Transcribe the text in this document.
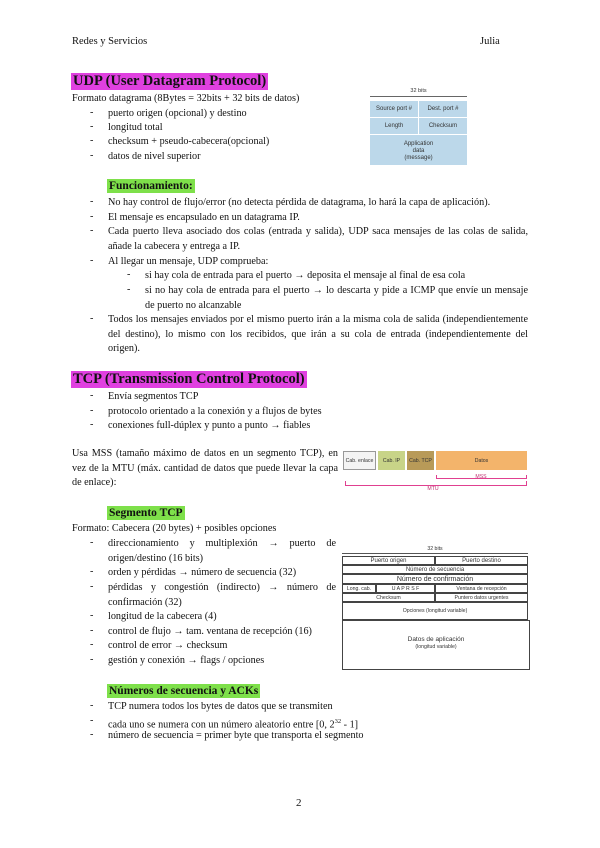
Redes y Servicios	Julia
UDP (User Datagram Protocol)
Formato datagrama (8Bytes = 32bits + 32 bits de datos)
- puerto origen (opcional) y destino
- longitud total
- checksum + pseudo-cabecera(opcional)
- datos de nivel superior
32 bits
Source port #	Dest. port #
Length	Checksum
Application
data
(message)
Funcionamiento:
- No hay control de flujo/error (no detecta pérdida de datagrama, lo hará la capa de aplicación).
- El mensaje es encapsulado en un datagrama IP.
- Cada puerto lleva asociado dos colas (entrada y salida), UDP saca mensajes de las colas de salida, añade la cabecera y entrega a IP.
- Al llegar un mensaje, UDP comprueba:
- si hay cola de entrada para el puerto → deposita el mensaje al final de esa cola
- si no hay cola de entrada para el puerto → lo descarta y pide a ICMP que envíe un mensaje de puerto no alcanzable
- Todos los mensajes enviados por el mismo puerto irán a la misma cola de salida (independientemente del destino), lo mismo con los recibidos, que irán a su cola de entrada (independientemente del origen).
TCP (Transmission Control Protocol)
- Envía segmentos TCP
- protocolo orientado a la conexión y a flujos de bytes
- conexiones full-dúplex y punto a punto → fiables
Usa MSS (tamaño máximo de datos en un segmento TCP), en vez de la MTU (máx. cantidad de datos que puede llevar la capa de enlace):
Cab. enlace	Cab. IP	Cab. TCP	Datos
MSS
MTU
Segmento TCP
Formato: Cabecera (20 bytes) + posibles opciones
- direccionamiento y multiplexión → puerto de origen/destino (16 bits)
- orden y pérdidas → número de secuencia (32)
- pérdidas y congestión (indirecto) → número de confirmación (32)
- longitud de la cabecera (4)
- control de flujo → tam. ventana de recepción (16)
- control de error → checksum
- gestión y conexión → flags / opciones
32 bits
Puerto origen	Puerto destino
Número de secuencia
Número de confirmación
Long. cab.	U A P R S F	Ventana de recepción
Checksum	Puntero datos urgentes
Opciones (longitud variable)
Datos de aplicación
(longitud variable)
Números de secuencia y ACKs
- TCP numera todos los bytes de datos que se transmiten
- cada uno se numera con un número aleatorio entre [0, $2^{32} - 1$]
- número de secuencia = primer byte que transporta el segmento
2
